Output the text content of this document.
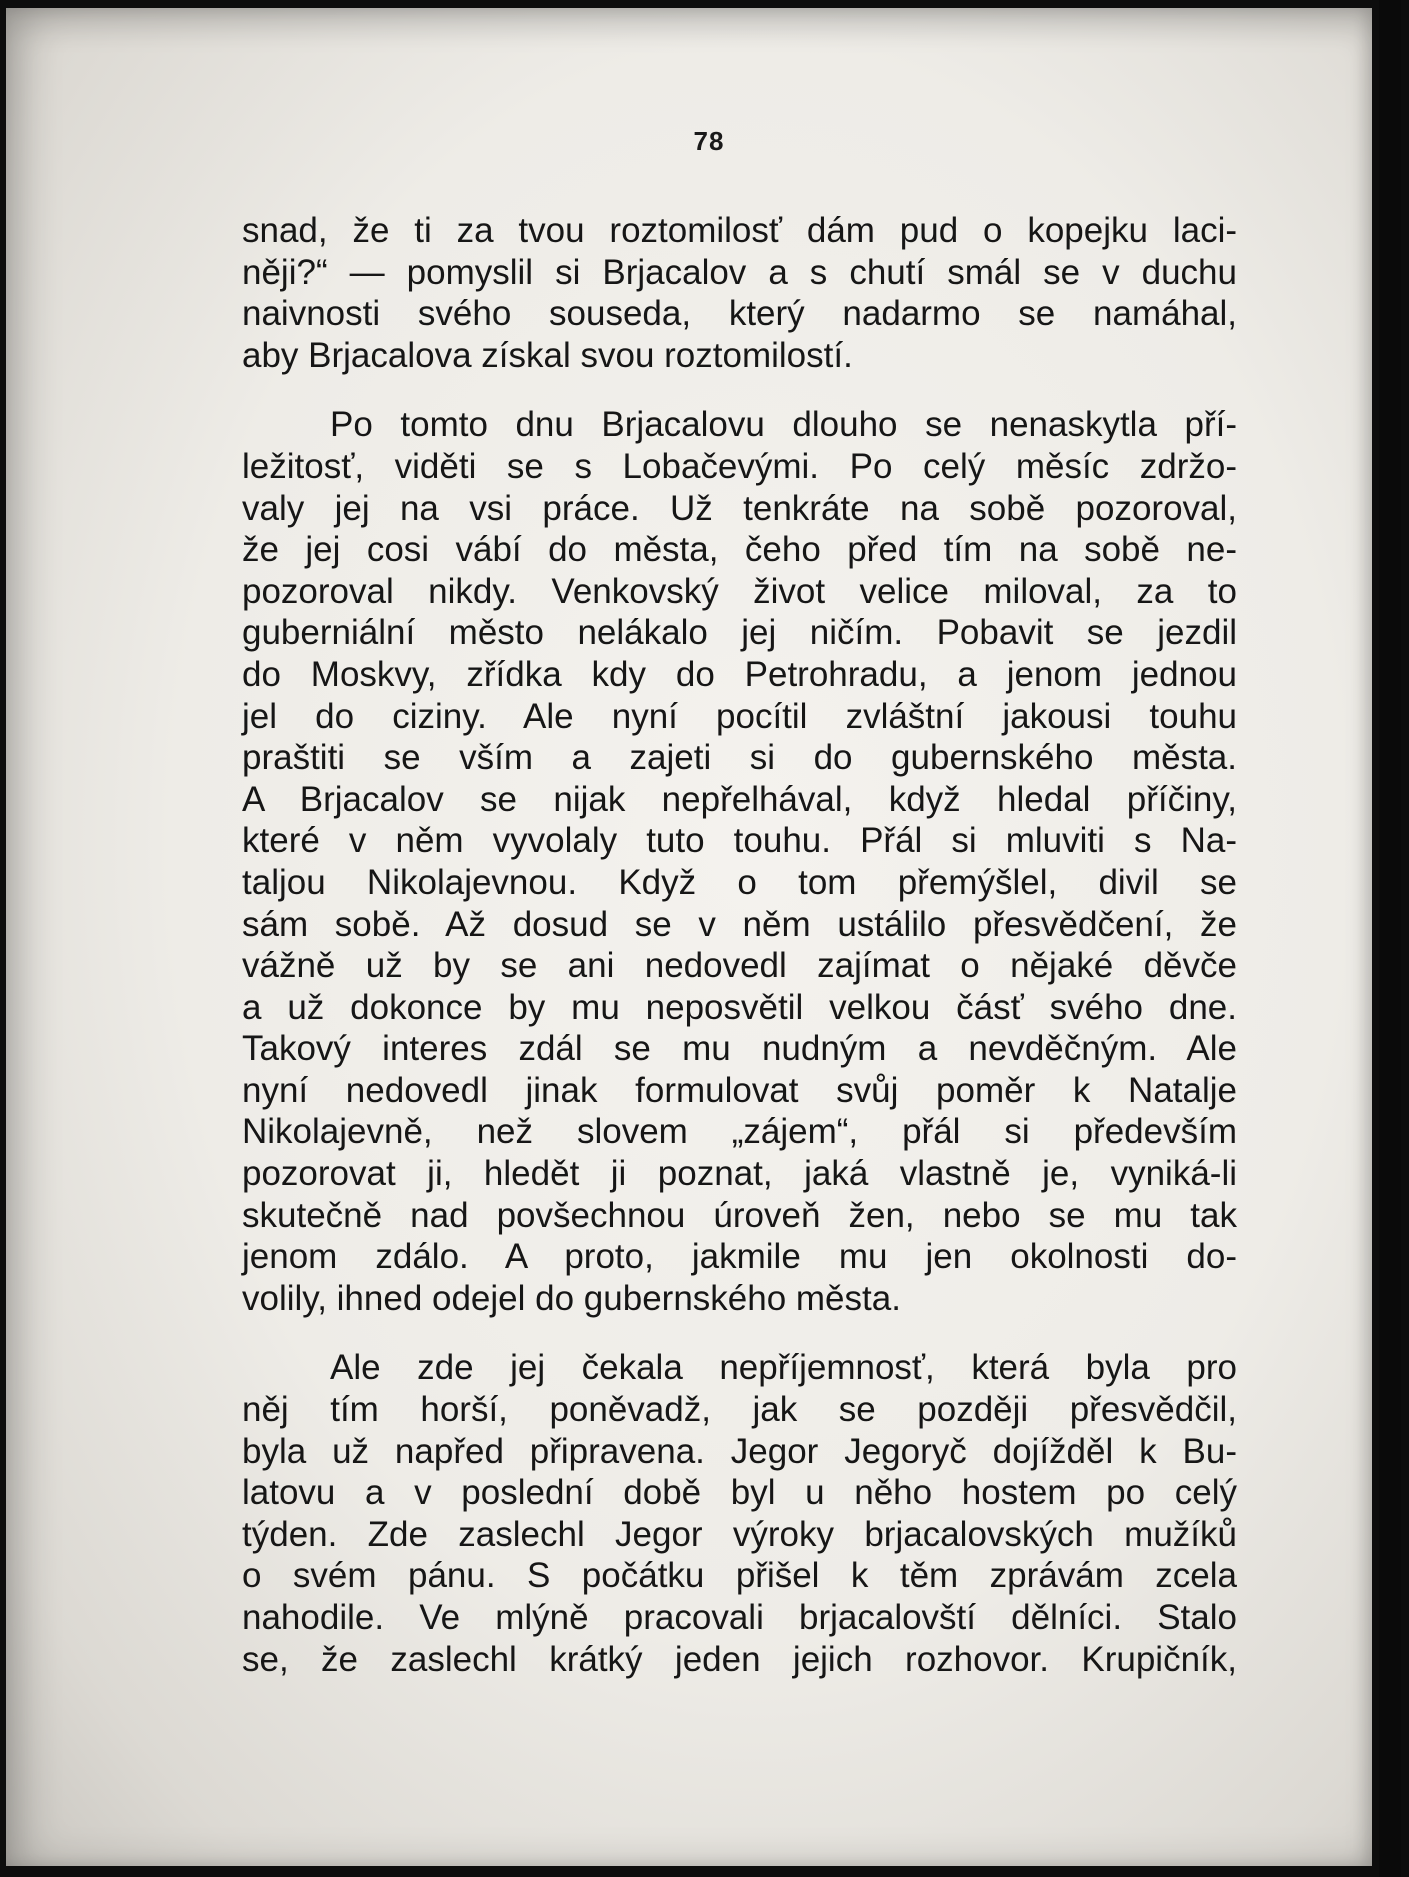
78
snad, že ti za tvou roztomilosť dám pud o kopejku laci-
něji?“ — pomyslil si Brjacalov a s chutí smál se v duchu
naivnosti svého souseda, který nadarmo se namáhal,
aby Brjacalova získal svou roztomilostí.
Po tomto dnu Brjacalovu dlouho se nenaskytla pří-
ležitosť, viděti se s Lobačevými. Po celý měsíc zdržo-
valy jej na vsi práce. Už tenkráte na sobě pozoroval,
že jej cosi vábí do města, čeho před tím na sobě ne-
pozoroval nikdy. Venkovský život velice miloval, za to
guberniální město nelákalo jej ničím. Pobavit se jezdil
do Moskvy, zřídka kdy do Petrohradu, a jenom jednou
jel do ciziny. Ale nyní pocítil zvláštní jakousi touhu
praštiti se vším a zajeti si do gubernského města.
A Brjacalov se nijak nepřelhával, když hledal příčiny,
které v něm vyvolaly tuto touhu. Přál si mluviti s Na-
taljou Nikolajevnou. Když o tom přemýšlel, divil se
sám sobě. Až dosud se v něm ustálilo přesvědčení, že
vážně už by se ani nedovedl zajímat o nějaké děvče
a už dokonce by mu neposvětil velkou čásť svého dne.
Takový interes zdál se mu nudným a nevděčným. Ale
nyní nedovedl jinak formulovat svůj poměr k Natalje
Nikolajevně, než slovem „zájem“, přál si především
pozorovat ji, hledět ji poznat, jaká vlastně je, vyniká-li
skutečně nad povšechnou úroveň žen, nebo se mu tak
jenom zdálo. A proto, jakmile mu jen okolnosti do-
volily, ihned odejel do gubernského města.
Ale zde jej čekala nepříjemnosť, která byla pro
něj tím horší, poněvadž, jak se později přesvědčil,
byla už napřed připravena. Jegor Jegoryč dojížděl k Bu-
latovu a v poslední době byl u něho hostem po celý
týden. Zde zaslechl Jegor výroky brjacalovských mužíků
o svém pánu. S počátku přišel k těm zprávám zcela
nahodile. Ve mlýně pracovali brjacalovští dělníci. Stalo
se, že zaslechl krátký jeden jejich rozhovor. Krupičník,
